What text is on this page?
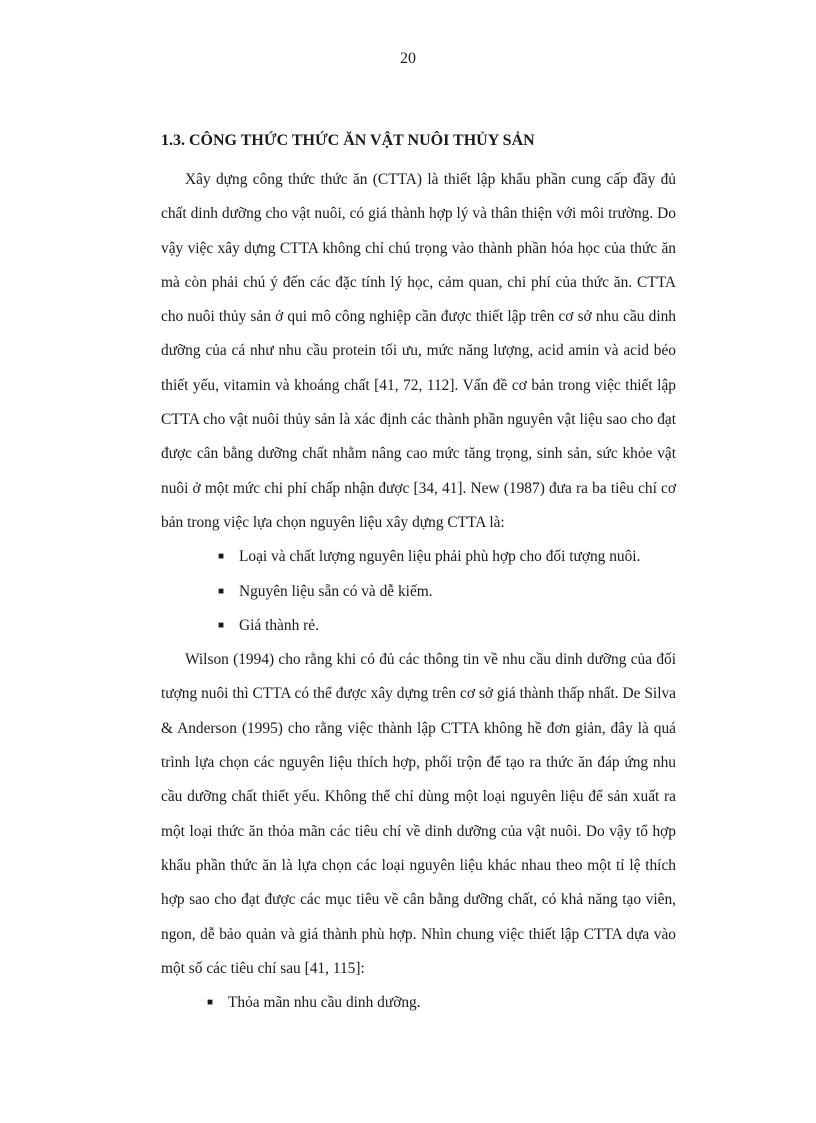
20
1.3. CÔNG THỨC THỨC ĂN VẬT NUÔI THỦY SẢN

Xây dựng công thức thức ăn (CTTA) là thiết lập khẩu phần cung cấp đầy đủ chất dinh dưỡng cho vật nuôi, có giá thành hợp lý và thân thiện với môi trường. Do vậy việc xây dựng CTTA không chỉ chú trọng vào thành phần hóa học của thức ăn mà còn phải chú ý đến các đặc tính lý học, cảm quan, chi phí của thức ăn. CTTA cho nuôi thủy sản ở qui mô công nghiệp cần được thiết lập trên cơ sở nhu cầu dinh dưỡng của cá như nhu cầu protein tối ưu, mức năng lượng, acid amin và acid béo thiết yếu, vitamin và khoáng chất [41, 72, 112]. Vấn đề cơ bản trong việc thiết lập CTTA cho vật nuôi thủy sản là xác định các thành phần nguyên vật liệu sao cho đạt được cân bằng dưỡng chất nhằm nâng cao mức tăng trọng, sinh sản, sức khỏe vật nuôi ở một mức chi phí chấp nhận được [34, 41]. New (1987) đưa ra ba tiêu chí cơ bản trong việc lựa chọn nguyên liệu xây dựng CTTA là:

■ Loại và chất lượng nguyên liệu phải phù hợp cho đối tượng nuôi.
■ Nguyên liệu sẵn có và dễ kiếm.
■ Giá thành rẻ.

Wilson (1994) cho rằng khi có đủ các thông tin về nhu cầu dinh dưỡng của đối tượng nuôi thì CTTA có thể được xây dựng trên cơ sở giá thành thấp nhất. De Silva & Anderson (1995) cho rằng việc thành lập CTTA không hề đơn giản, đây là quá trình lựa chọn các nguyên liệu thích hợp, phối trộn để tạo ra thức ăn đáp ứng nhu cầu dưỡng chất thiết yếu. Không thể chỉ dùng một loại nguyên liệu để sản xuất ra một loại thức ăn thỏa mãn các tiêu chí về dinh dưỡng của vật nuôi. Do vậy tổ hợp khẩu phần thức ăn là lựa chọn các loại nguyên liệu khác nhau theo một tỉ lệ thích hợp sao cho đạt được các mục tiêu về cân bằng dưỡng chất, có khả năng tạo viên, ngon, dễ bảo quản và giá thành phù hợp. Nhìn chung việc thiết lập CTTA dựa vào một số các tiêu chí sau [41, 115]:

■ Thỏa mãn nhu cầu dinh dưỡng.
